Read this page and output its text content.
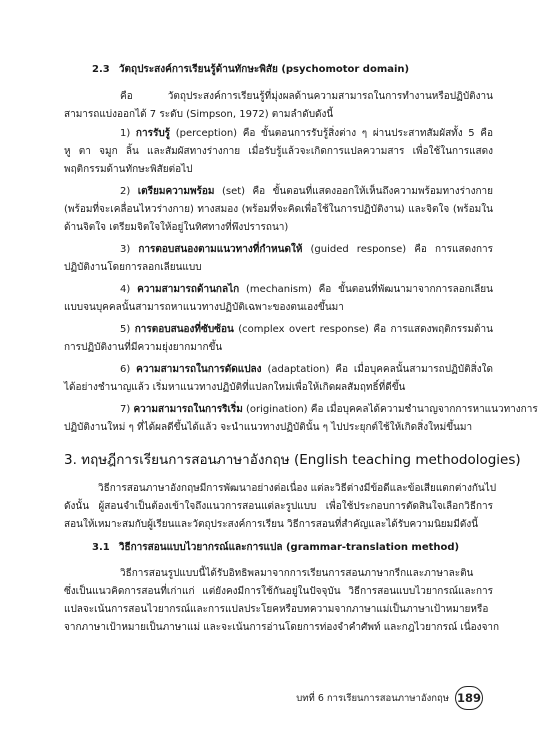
2.3 วัตถุประสงค์การเรียนรู้ด้านทักษะพิสัย (psychomotor domain)
คือ วัตถุประสงค์การเรียนรู้ที่มุ่งผลด้านความสามารถในการทำงานหรือปฏิบัติงาน
สามารถแบ่งออกได้ 7 ระดับ (Simpson, 1972) ตามลำดับดังนี้
1) การรับรู้ (perception) คือ ขั้นตอนการรับรู้สิ่งต่าง ๆ ผ่านประสาทสัมผัสทั้ง 5 คือ
หู ตา จมูก ลิ้น และสัมผัสทางร่างกาย เมื่อรับรู้แล้วจะเกิดการแปลความสาร เพื่อใช้ในการแสดง
พฤติกรรมด้านทักษะพิสัยต่อไป
2) เตรียมความพร้อม (set) คือ ขั้นตอนที่แสดงออกให้เห็นถึงความพร้อมทางร่างกาย
(พร้อมที่จะเคลื่อนไหวร่างกาย) ทางสมอง (พร้อมที่จะคิดเพื่อใช้ในการปฏิบัติงาน) และจิตใจ (พร้อมใน
ด้านจิตใจ เตรียมจิตใจให้อยู่ในทิศทางที่พึงปรารถนา)
3) การตอบสนองตามแนวทางที่กำหนดให้ (guided response) คือ การแสดงการ
ปฏิบัติงานโดยการลอกเลียนแบบ
4) ความสามารถด้านกลไก (mechanism) คือ ขั้นตอนที่พัฒนามาจากการลอกเลียน
แบบจนบุคคลนั้นสามารถหาแนวทางปฏิบัติเฉพาะของตนเองขึ้นมา
5) การตอบสนองที่ซับซ้อน (complex overt response) คือ การแสดงพฤติกรรมด้าน
การปฏิบัติงานที่มีความยุ่งยากมากขึ้น
6) ความสามารถในการดัดแปลง (adaptation) คือ เมื่อบุคคลนั้นสามารถปฏิบัติสิ่งใด
ได้อย่างชำนาญแล้ว เริ่มหาแนวทางปฏิบัติที่แปลกใหม่เพื่อให้เกิดผลสัมฤทธิ์ที่ดีขึ้น
7) ความสามารถในการริเริ่ม (origination) คือ เมื่อบุคคลได้ความชำนาญจากการหาแนวทางการ
ปฏิบัติงานใหม่ ๆ ที่ได้ผลดีขึ้นได้แล้ว จะนำแนวทางปฏิบัตินั้น ๆ ไปประยุกต์ใช้ให้เกิดสิ่งใหม่ขึ้นมา
3. ทฤษฎีการเรียนการสอนภาษาอังกฤษ (English teaching methodologies)
วิธีการสอนภาษาอังกฤษมีการพัฒนาอย่างต่อเนื่อง แต่ละวิธีต่างมีข้อดีและข้อเสียแตกต่างกันไป
ดังนั้น ผู้สอนจำเป็นต้องเข้าใจถึงแนวการสอนแต่ละรูปแบบ เพื่อใช้ประกอบการตัดสินใจเลือกวิธีการ
สอนให้เหมาะสมกับผู้เรียนและวัตถุประสงค์การเรียน วิธีการสอนที่สำคัญและได้รับความนิยมมีดังนี้
3.1 วิธีการสอนแบบไวยากรณ์และการแปล (grammar-translation method)
วิธีการสอนรูปแบบนี้ได้รับอิทธิพลมาจากการเรียนการสอนภาษากรีกและภาษาละติน
ซึ่งเป็นแนวคิดการสอนที่เก่าแก่ แต่ยังคงมีการใช้กันอยู่ในปัจจุบัน วิธีการสอนแบบไวยากรณ์และการ
แปลจะเน้นการสอนไวยากรณ์และการแปลประโยคหรือบทความจากภาษาแม่เป็นภาษาเป้าหมายหรือ
จากภาษาเป้าหมายเป็นภาษาแม่ และจะเน้นการอ่านโดยการท่องจำคำศัพท์ และกฎไวยากรณ์ เนื่องจาก
บทที่ 6 การเรียนการสอนภาษาอังกฤษ 189
